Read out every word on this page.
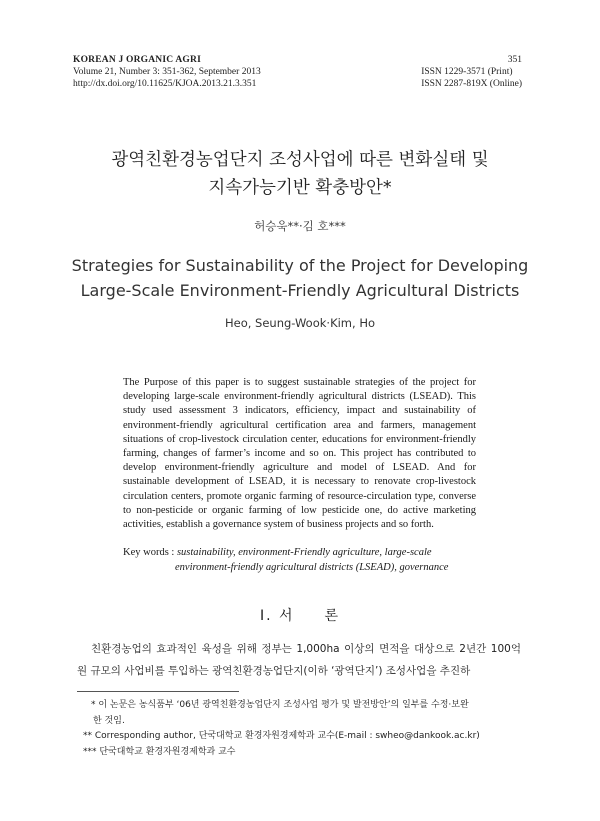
KOREAN J ORGANIC AGRI
Volume 21, Number 3: 351-362, September 2013
http://dx.doi.org/10.11625/KJOA.2013.21.3.351
351
ISSN 1229-3571 (Print)
ISSN 2287-819X (Online)
광역친환경농업단지 조성사업에 따른 변화실태 및
지속가능기반 확충방안*
허승욱**·김 호***
Strategies for Sustainability of the Project for Developing
Large-Scale Environment-Friendly Agricultural Districts
Heo, Seung-Wook·Kim, Ho
The Purpose of this paper is to suggest sustainable strategies of the project for developing large-scale environment-friendly agricultural districts (LSEAD). This study used assessment 3 indicators, efficiency, impact and sustainability of environment-friendly agricultural certification area and farmers, management situations of crop-livestock circulation center, educations for environment-friendly farming, changes of farmer’s income and so on. This project has contributed to develop environment-friendly agriculture and model of LSEAD. And for sustainable development of LSEAD, it is necessary to renovate crop-livestock circulation centers, promote organic farming of resource-circulation type, converse to non-pesticide or organic farming of low pesticide one, do active marketing activities, establish a governance system of business projects and so forth.
Key words : sustainability, environment-Friendly agriculture, large-scale
environment-friendly agricultural districts (LSEAD), governance
Ⅰ. 서 론

친환경농업의 효과적인 육성을 위해 정부는 1,000ha 이상의 면적을 대상으로 2년간 100억 원 규모의 사업비를 투입하는 광역친환경농업단지(이하 ‘광역단지’) 조성사업을 추진하

* 이 논문은 농식품부 ‘06년 광역친환경농업단지 조성사업 평가 및 발전방안’의 일부를 수정·보완
한 것임.
** Corresponding author, 단국대학교 환경자원경제학과 교수(E-mail : swheo@dankook.ac.kr)
*** 단국대학교 환경자원경제학과 교수
